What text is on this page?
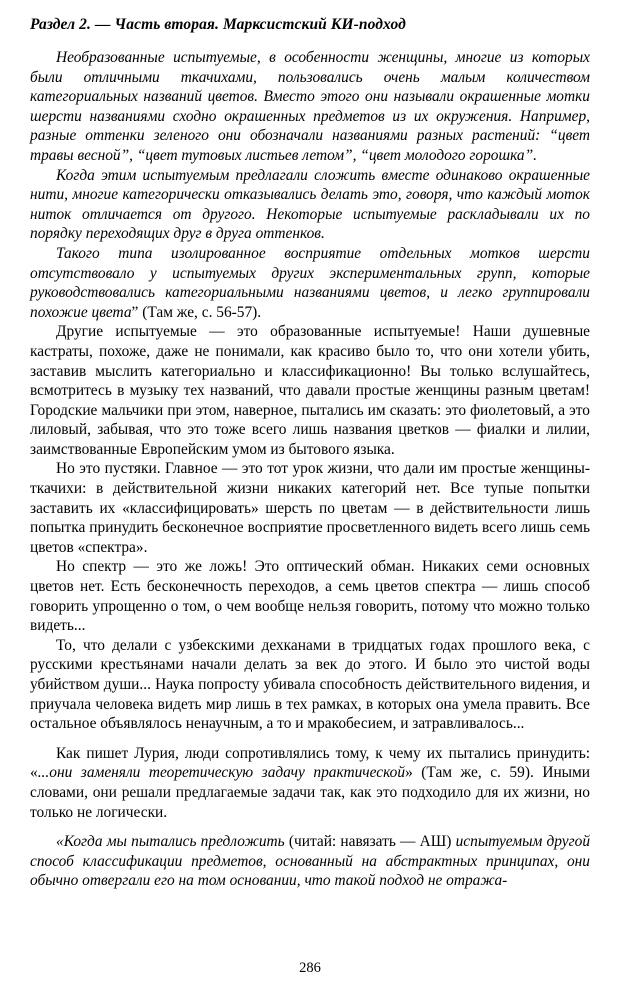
Раздел 2. — Часть вторая. Марксистский КИ-подход

Необразованные испытуемые, в особенности женщины, многие из которых были отличными ткачихами, пользовались очень малым количеством категориальных названий цветов. Вместо этого они называли окрашенные мотки шерсти названиями сходно окрашенных предметов из их окружения. Например, разные оттенки зеленого они обозначали названиями разных растений: “цвет травы весной”, “цвет тутовых листьев летом”, “цвет молодого горошка”.

Когда этим испытуемым предлагали сложить вместе одинаково окрашенные нити, многие категорически отказывались делать это, говоря, что каждый моток ниток отличается от другого. Некоторые испытуемые раскладывали их по порядку переходящих друг в друга оттенков.

Такого типа изолированное восприятие отдельных мотков шерсти отсутствовало у испытуемых других экспериментальных групп, которые руководствовались категориальными названиями цветов, и легко группировали похожие цвета” (Там же, с. 56-57).

Другие испытуемые — это образованные испытуемые! Наши душевные кастраты, похоже, даже не понимали, как красиво было то, что они хотели убить, заставив мыслить категориально и классификационно! Вы только вслушайтесь, всмотритесь в музыку тех названий, что давали простые женщины разным цветам! Городские мальчики при этом, наверное, пытались им сказать: это фиолетовый, а это лиловый, забывая, что это тоже всего лишь названия цветков — фиалки и лилии, заимствованные Европейским умом из бытового языка.

Но это пустяки. Главное — это тот урок жизни, что дали им простые женщины-ткачихи: в действительной жизни никаких категорий нет. Все тупые попытки заставить их «классифицировать» шерсть по цветам — в действительности лишь попытка принудить бесконечное восприятие просветленного видеть всего лишь семь цветов «спектра».

Но спектр — это же ложь! Это оптический обман. Никаких семи основных цветов нет. Есть бесконечность переходов, а семь цветов спектра — лишь способ говорить упрощенно о том, о чем вообще нельзя говорить, потому что можно только видеть...

То, что делали с узбекскими дехканами в тридцатых годах прошлого века, с русскими крестьянами начали делать за век до этого. И было это чистой воды убийством души... Наука попросту убивала способность действительного видения, и приучала человека видеть мир лишь в тех рамках, в которых она умела править. Все остальное объявлялось ненаучным, а то и мракобесием, и затравливалось...

Как пишет Лурия, люди сопротивлялись тому, к чему их пытались принудить: «...они заменяли теоретическую задачу практической» (Там же, с. 59). Иными словами, они решали предлагаемые задачи так, как это подходило для их жизни, но только не логически.

«Когда мы пытались предложить (читай: навязать — АШ) испытуемым другой способ классификации предметов, основанный на абстрактных принципах, они обычно отвергали его на том основании, что такой подход не отража-

286
